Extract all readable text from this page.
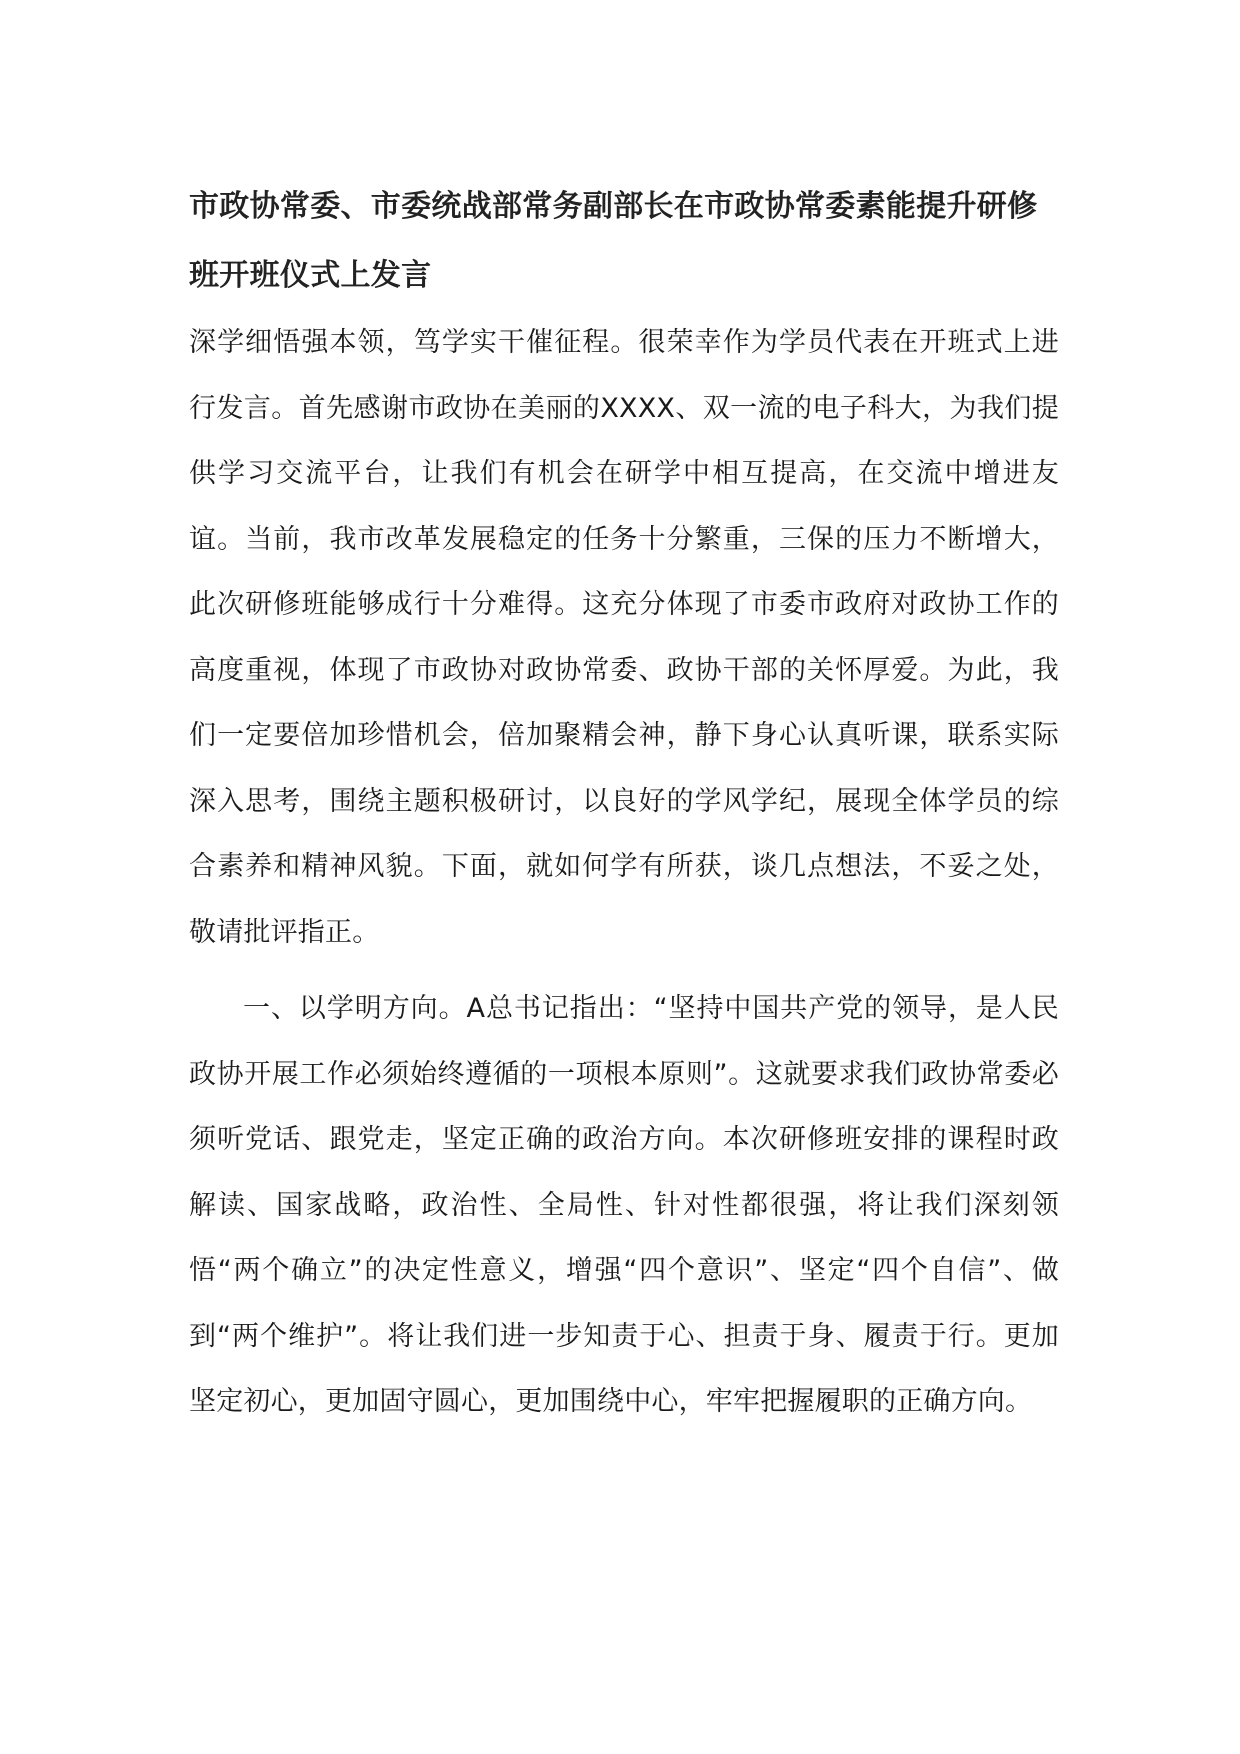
市政协常委、市委统战部常务副部长在市政协常委素能提升研修班开班仪式上发言

深学细悟强本领，笃学实干催征程。很荣幸作为学员代表在开班式上进行发言。首先感谢市政协在美丽的XXXX、双一流的电子科大，为我们提供学习交流平台，让我们有机会在研学中相互提高，在交流中增进友谊。当前，我市改革发展稳定的任务十分繁重，三保的压力不断增大，此次研修班能够成行十分难得。这充分体现了市委市政府对政协工作的高度重视，体现了市政协对政协常委、政协干部的关怀厚爱。为此，我们一定要倍加珍惜机会，倍加聚精会神，静下身心认真听课，联系实际深入思考，围绕主题积极研讨，以良好的学风学纪，展现全体学员的综合素养和精神风貌。下面，就如何学有所获，谈几点想法，不妥之处，敬请批评指正。

一、以学明方向。A总书记指出：“坚持中国共产党的领导，是人民政协开展工作必须始终遵循的一项根本原则”。这就要求我们政协常委必须听党话、跟党走，坚定正确的政治方向。本次研修班安排的课程时政解读、国家战略，政治性、全局性、针对性都很强，将让我们深刻领悟“两个确立”的决定性意义，增强“四个意识”、坚定“四个自信”、做到“两个维护”。将让我们进一步知责于心、担责于身、履责于行。更加坚定初心，更加固守圆心，更加围绕中心，牢牢把握履职的正确方向。
